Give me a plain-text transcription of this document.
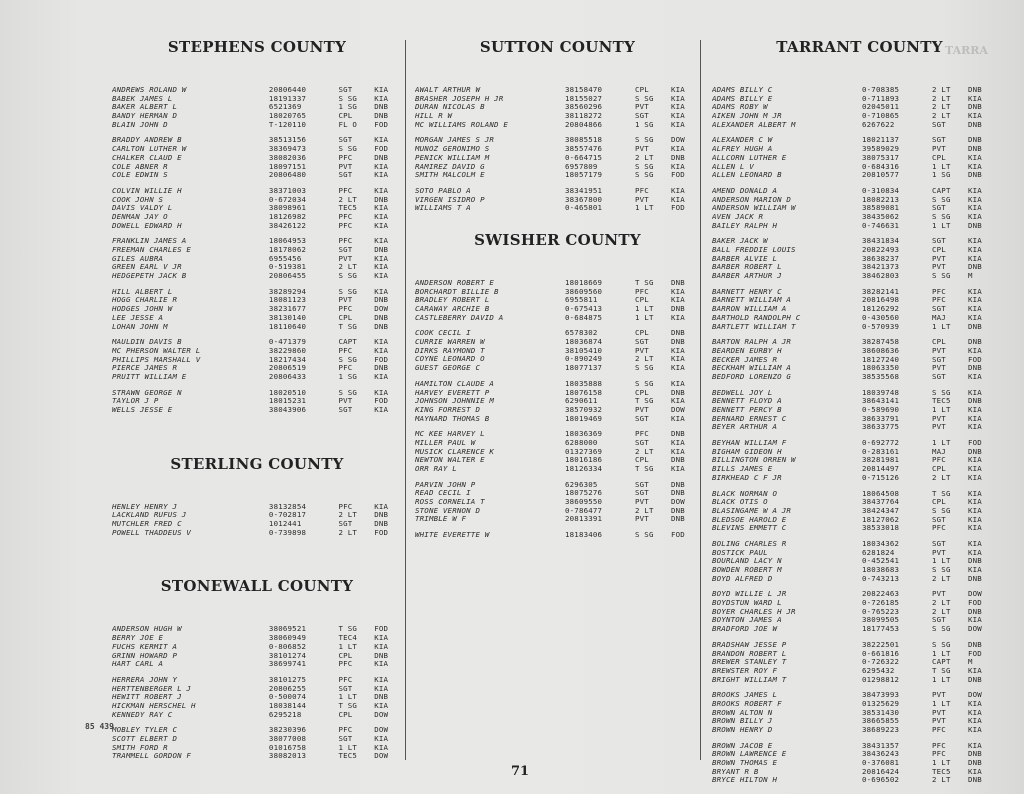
STEPHENS COUNTY
ANDREWS ROLAND W	20806440	SGT	KIA
BABEK JAMES L	18191337	S SG	KIA
BAKER ALBERT L	6521369	1 SG	DNB
BANDY HERMAN D	18020765	CPL	DNB
BLAIN JOHN D	T-120110	FL O	FOD
BRADDY ANDREW B	38513156	SGT	KIA
CARLTON LUTHER W	38369473	S SG	FOD
CHALKER CLAUD E	38082036	PFC	DNB
COLE ABNER R	18097151	PVT	KIA
COLE EDWIN S	20806480	SGT	KIA
COLVIN WILLIE H	38371003	PFC	KIA
COOK JOHN S	0-672034	2 LT	DNB
DAVIS VALDY L	38098961	TEC5	KIA
DENMAN JAY O	18126982	PFC	KIA
DOWELL EDWARD H	38426122	PFC	KIA
FRANKLIN JAMES A	18064953	PFC	KIA
FREEMAN CHARLES E	18178062	SGT	DNB
GILES AUBRA	6955456	PVT	KIA
GREEN EARL V JR	0-519381	2 LT	KIA
HEDGEPETH JACK B	20806455	S SG	KIA
HILL ALBERT L	38289294	S SG	KIA
HOGG CHARLIE R	18081123	PVT	DNB
HODGES JOHN W	38231677	PFC	DOW
LEE JESSE A	38130140	CPL	DNB
LOHAN JOHN M	18110640	T SG	DNB
MAULDIN DAVIS B	0-471379	CAPT	KIA
MC PHERSON WALTER L	38229860	PFC	KIA
PHILLIPS MARSHALL V	18217434	S SG	FOD
PIERCE JAMES R	20806519	PFC	DNB
PRUITT WILLIAM E	20806433	1 SG	KIA
STRAWN GEORGE N	18020510	S SG	KIA
TAYLOR J P	18015231	PVT	FOD
WELLS JESSE E	38043906	SGT	KIA
STERLING COUNTY
HENLEY HENRY J	38132854	PFC	KIA
LACKLAND RUFUS J	0-702817	2 LT	DNB
MUTCHLER FRED C	1012441	SGT	DNB
POWELL THADDEUS V	0-739898	2 LT	FOD
STONEWALL COUNTY
ANDERSON HUGH W	38069521	T SG	FOD
BERRY JOE E	38060949	TEC4	KIA
FUCHS KERMIT A	0-806852	1 LT	KIA
GRINN HOWARD P	38101274	CPL	DNB
HART CARL A	38699741	PFC	KIA
HERRERA JOHN Y	38101275	PFC	KIA
HERTTENBERGER L J	20806255	SGT	KIA
HEWITT ROBERT J	0-500074	1 LT	DNB
HICKMAN HERSCHEL H	18038144	T SG	KIA
KENNEDY RAY C	6295218	CPL	DOW
MOBLEY TYLER C	38230396	PFC	DOW
SCOTT ELBERT D	38077008	SGT	KIA
SMITH FORD R	01016758	1 LT	KIA
TRAMMELL GORDON F	38082013	TEC5	DOW
SUTTON COUNTY
AWALT ARTHUR W	38158470	CPL	KIA
BRASHER JOSEPH H JR	18155027	S SG	KIA
DURAN NICOLAS B	38560296	PVT	KIA
HILL R W	38118272	SGT	KIA
MC WILLIAMS ROLAND E	20804866	1 SG	KIA
MORGAN JAMES S JR	38085518	S SG	DOW
MUNOZ GERONIMO S	38557476	PVT	KIA
PENICK WILLIAM M	0-664715	2 LT	DNB
RAMIREZ DAVID G	6957809	S SG	KIA
SMITH MALCOLM E	18057179	S SG	FOD
SOTO PABLO A	38341951	PFC	KIA
VIRGEN ISIDRO P	38367800	PVT	KIA
WILLIAMS T A	0-465801	1 LT	FOD
SWISHER COUNTY
ANDERSON ROBERT E	18018669	T SG	DNB
BORCHARDT BILLIE B	38609560	PFC	KIA
BRADLEY ROBERT L	6955811	CPL	KIA
CARAWAY ARCHIE B	0-675413	1 LT	DNB
CASTLEBERRY DAVID A	0-684875	1 LT	KIA
COOK CECIL I	6578302	CPL	DNB
CURRIE WARREN W	18036874	SGT	DNB
DIRKS RAYMOND T	38105410	PVT	KIA
COYNE LEONARD O	0-890249	2 LT	KIA
GUEST GEORGE C	18077137	S SG	KIA
HAMILTON CLAUDE A	18035888	S SG	KIA
HARVEY EVERETT P	18076158	CPL	DNB
JOHNSON JOHNNIE M	6290611	T SG	KIA
KING FORREST D	38570932	PVT	DOW
MAYNARD THOMAS B	18019469	SGT	KIA
MC KEE HARVEY L	18036369	PFC	DNB
MILLER PAUL W	6288000	SGT	KIA
MUSICK CLARENCE K	01327369	2 LT	KIA
NEWTON WALTER E	18016186	CPL	DNB
ORR RAY L	18126334	T SG	KIA
PARVIN JOHN P	6296305	SGT	DNB
READ CECIL I	18075276	SGT	DNB
ROSS CORNELIA T	38609550	PVT	DOW
STONE VERNON D	0-786477	2 LT	DNB
TRIMBLE W F	20813391	PVT	DNB
WHITE EVERETTE W	18183406	S SG	FOD
TARRANT COUNTY
ADAMS BILLY C	0-708385	2 LT	DNB
ADAMS BILLY E	0-711893	2 LT	KIA
ADAMS ROBY W	02045011	2 LT	DNB
AIKEN JOHN M JR	0-710865	2 LT	KIA
ALEXANDER ALBERT M	6267622	SGT	DNB
ALEXANDER C W	18021137	SGT	DNB
ALFREY HUGH A	39589029	PVT	DNB
ALLCORN LUTHER E	38075317	CPL	KIA
ALLEN L V	0-684316	1 LT	KIA
ALLEN LEONARD B	20810577	1 SG	DNB
AMEND DONALD A	0-310834	CAPT	KIA
ANDERSON MARION D	18082213	S SG	KIA
ANDERSON WILLIAM W	38589081	SGT	KIA
AVEN JACK R	38435062	S SG	KIA
BAILEY RALPH H	0-746631	1 LT	DNB
BAKER JACK W	38431834	SGT	KIA
BALL FREDDIE LOUIS	20822493	CPL	KIA
BARBER ALVIE L	38638237	PVT	KIA
BARBER ROBERT L	38421373	PVT	DNB
BARBER ARTHUR J	38462803	S SG	M
BARNETT HENRY C	38282141	PFC	KIA
BARNETT WILLIAM A	20816498	PFC	KIA
BARRON WILLIAM A	18126292	SGT	KIA
BARTHOLD RANDOLPH C	0-430560	MAJ	KIA
BARTLETT WILLIAM T	0-570939	1 LT	DNB
BARTON RALPH A JR	38287458	CPL	DNB
BEARDEN EURBY H	38608636	PVT	KIA
BECKER JAMES R	18127240	SGT	FOD
BECKHAM WILLIAM A	18063350	PVT	DNB
BEDFORD LORENZO G	38535568	SGT	KIA
BEDWELL JOY L	18039748	S SG	KIA
BENNETT FLOYD A	38643141	TEC5	DNB
BENNETT PERCY B	0-589690	1 LT	KIA
BERNARD ERNEST C	38633791	PVT	KIA
BEYER ARTHUR A	38633775	PVT	KIA
BEYHAN WILLIAM F	0-692772	1 LT	FOD
BIGHAM GIDEON H	0-283161	MAJ	DNB
BILLINGTON ORREN W	38281981	PFC	KIA
BILLS JAMES E	20814497	CPL	KIA
BIRKHEAD C F JR	0-715126	2 LT	KIA
BLACK NORMAN O	18064508	T SG	KIA
BLACK OTIS O	38437764	CPL	KIA
BLASINGAME W A JR	38424347	S SG	KIA
BLEDSOE HAROLD E	18127062	SGT	KIA
BLEVINS EMMETT C	38533018	PFC	KIA
BOLING CHARLES R	18034362	SGT	KIA
BOSTICK PAUL	6281824	PVT	KIA
BOURLAND LACY N	0-452541	1 LT	DNB
BOWDEN ROBERT M	18038683	S SG	KIA
BOYD ALFRED D	0-743213	2 LT	DNB
BOYD WILLIE L JR	20822463	PVT	DOW
BOYDSTUN WARD L	0-726185	2 LT	FOD
BOYER CHARLES H JR	0-765223	2 LT	DNB
BOYNTON JAMES A	38099505	SGT	KIA
BRADFORD JOE W	18177453	S SG	DOW
BRADSHAW JESSE P	38222501	S SG	DNB
BRANDON ROBERT L	0-661816	1 LT	FOD
BREWER STANLEY T	0-726322	CAPT	M
BREWSTER ROY F	6295432	T SG	KIA
BRIGHT WILLIAM T	01298812	1 LT	DNB
BROOKS JAMES L	38473993	PVT	DOW
BROOKS ROBERT F	01325629	1 LT	KIA
BROWN ALTON N	38531430	PVT	KIA
BROWN BILLY J	38665855	PVT	KIA
BROWN HENRY D	38689223	PFC	KIA
BROWN JACOB E	38431357	PFC	KIA
BROWN LAWRENCE E	38436243	PFC	DNB
BROWN THOMAS E	0-376081	1 LT	DNB
BRYANT R B	20816424	TEC5	KIA
BRYCE HILTON H	0-696502	2 LT	DNB
TARRA
85 439
71
